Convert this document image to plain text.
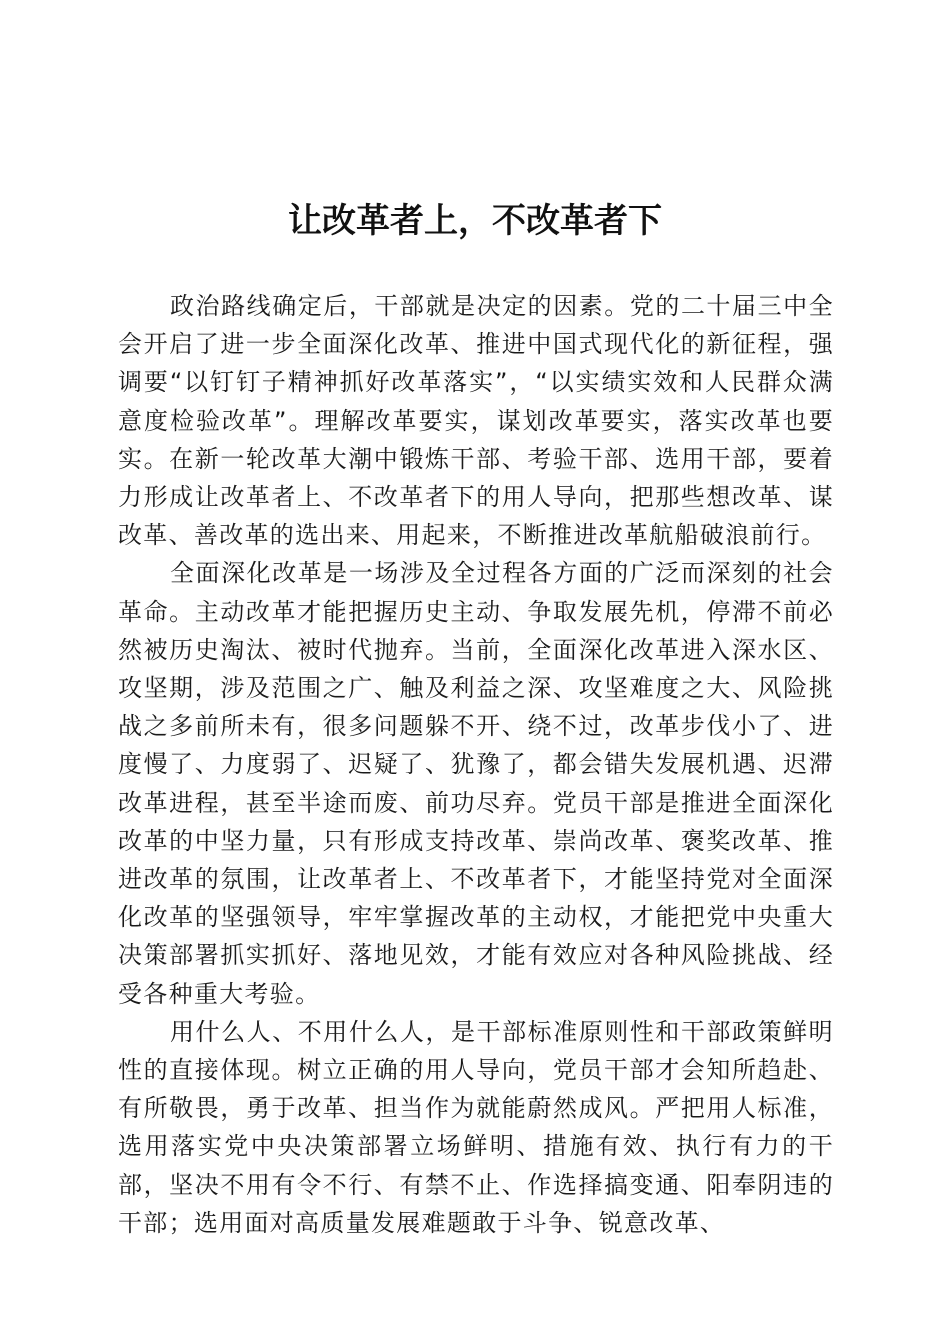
让改革者上，不改革者下

政治路线确定后，干部就是决定的因素。党的二十届三中全会开启了进一步全面深化改革、推进中国式现代化的新征程，强调要“以钉钉子精神抓好改革落实”，“以实绩实效和人民群众满意度检验改革”。理解改革要实，谋划改革要实，落实改革也要实。在新一轮改革大潮中锻炼干部、考验干部、选用干部，要着力形成让改革者上、不改革者下的用人导向，把那些想改革、谋改革、善改革的选出来、用起来，不断推进改革航船破浪前行。

全面深化改革是一场涉及全过程各方面的广泛而深刻的社会革命。主动改革才能把握历史主动、争取发展先机，停滞不前必然被历史淘汰、被时代抛弃。当前，全面深化改革进入深水区、攻坚期，涉及范围之广、触及利益之深、攻坚难度之大、风险挑战之多前所未有，很多问题躲不开、绕不过，改革步伐小了、进度慢了、力度弱了、迟疑了、犹豫了，都会错失发展机遇、迟滞改革进程，甚至半途而废、前功尽弃。党员干部是推进全面深化改革的中坚力量，只有形成支持改革、崇尚改革、褒奖改革、推进改革的氛围，让改革者上、不改革者下，才能坚持党对全面深化改革的坚强领导，牢牢掌握改革的主动权，才能把党中央重大决策部署抓实抓好、落地见效，才能有效应对各种风险挑战、经受各种重大考验。

用什么人、不用什么人，是干部标准原则性和干部政策鲜明性的直接体现。树立正确的用人导向，党员干部才会知所趋赴、有所敬畏，勇于改革、担当作为就能蔚然成风。严把用人标准，选用落实党中央决策部署立场鲜明、措施有效、执行有力的干部，坚决不用有令不行、有禁不止、作选择搞变通、阳奉阴违的干部；选用面对高质量发展难题敢于斗争、锐意改革、
